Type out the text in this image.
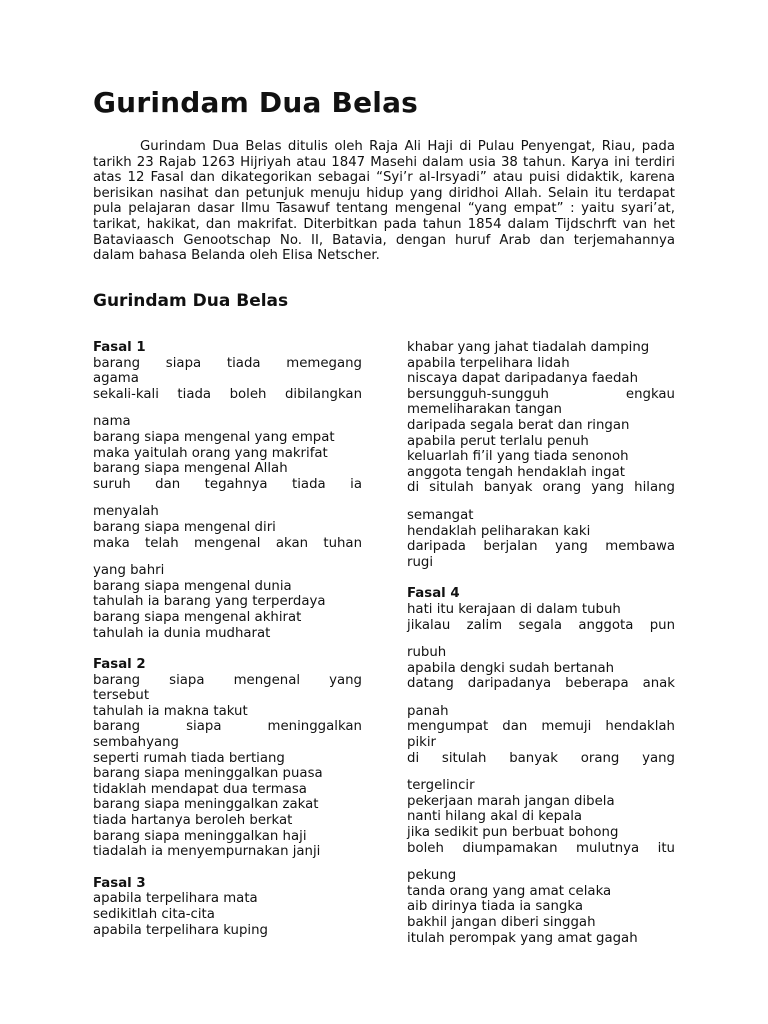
Gurindam Dua Belas
Gurindam Dua Belas ditulis oleh Raja Ali Haji di Pulau Penyengat, Riau, pada tarikh 23 Rajab 1263 Hijriyah atau 1847 Masehi dalam usia 38 tahun. Karya ini terdiri atas 12 Fasal dan dikategorikan sebagai “Syi’r al-Irsyadi” atau puisi didaktik, karena berisikan nasihat dan petunjuk menuju hidup yang diridhoi Allah. Selain itu terdapat pula pelajaran dasar Ilmu Tasawuf tentang mengenal “yang empat” : yaitu syari’at, tarikat, hakikat, dan makrifat. Diterbitkan pada tahun 1854 dalam Tijdschrft van het Bataviaasch Genootschap No. II, Batavia, dengan huruf Arab dan terjemahannya dalam bahasa Belanda oleh Elisa Netscher.
Gurindam Dua Belas
Fasal 1
barang siapa tiada memegang
agama
sekali-kali tiada boleh dibilangkan
nama
barang siapa mengenal yang empat
maka yaitulah orang yang makrifat
barang siapa mengenal Allah
suruh dan tegahnya tiada ia
menyalah
barang siapa mengenal diri
maka telah mengenal akan tuhan
yang bahri
barang siapa mengenal dunia
tahulah ia barang yang terperdaya
barang siapa mengenal akhirat
tahulah ia dunia mudharat
Fasal 2
barang siapa mengenal yang
tersebut
tahulah ia makna takut
barang siapa meninggalkan
sembahyang
seperti rumah tiada bertiang
barang siapa meninggalkan puasa
tidaklah mendapat dua termasa
barang siapa meninggalkan zakat
tiada hartanya beroleh berkat
barang siapa meninggalkan haji
tiadalah ia menyempurnakan janji
Fasal 3
apabila terpelihara mata
sedikitlah cita-cita
apabila terpelihara kuping
khabar yang jahat tiadalah damping
apabila terpelihara lidah
niscaya dapat daripadanya faedah
bersungguh-sungguh engkau
memeliharakan tangan
daripada segala berat dan ringan
apabila perut terlalu penuh
keluarlah fi’il yang tiada senonoh
anggota tengah hendaklah ingat
di situlah banyak orang yang hilang
semangat
hendaklah peliharakan kaki
daripada berjalan yang membawa
rugi
Fasal 4
hati itu kerajaan di dalam tubuh
jikalau zalim segala anggota pun
rubuh
apabila dengki sudah bertanah
datang daripadanya beberapa anak
panah
mengumpat dan memuji hendaklah
pikir
di situlah banyak orang yang
tergelincir
pekerjaan marah jangan dibela
nanti hilang akal di kepala
jika sedikit pun berbuat bohong
boleh diumpamakan mulutnya itu
pekung
tanda orang yang amat celaka
aib dirinya tiada ia sangka
bakhil jangan diberi singgah
itulah perompak yang amat gagah
